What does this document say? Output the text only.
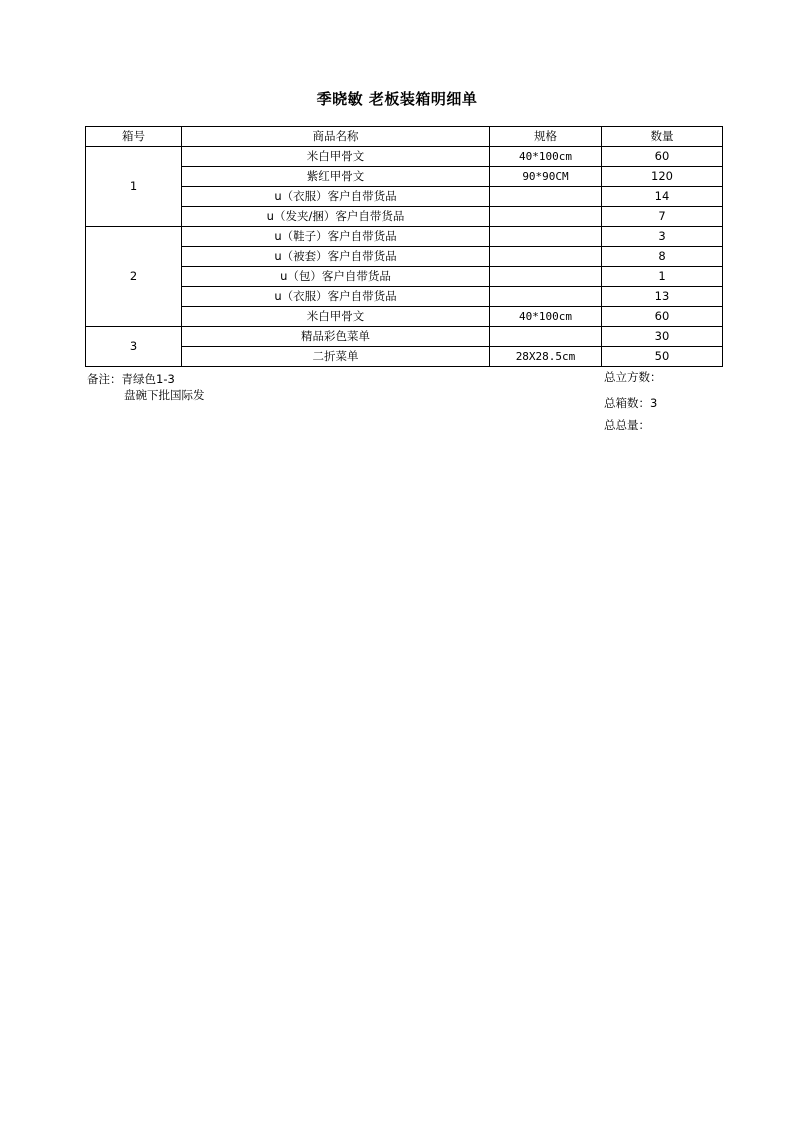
季晓敏 老板装箱明细单
箱号	商品名称	规格	数量
1	米白甲骨文	40*100cm	60
	紫红甲骨文	90*90CM	120
	u（衣服）客户自带货品		14
	u（发夹/捆）客户自带货品		7
2	u（鞋子）客户自带货品		3
	u（被套）客户自带货品		8
	u（包）客户自带货品		1
	u（衣服）客户自带货品		13
	米白甲骨文	40*100cm	60
3	精品彩色菜单		30
	二折菜单	28X28.5cm	50
备注：青绿色1-3
盘碗下批国际发
总立方数：
总箱数：3
总总量：
